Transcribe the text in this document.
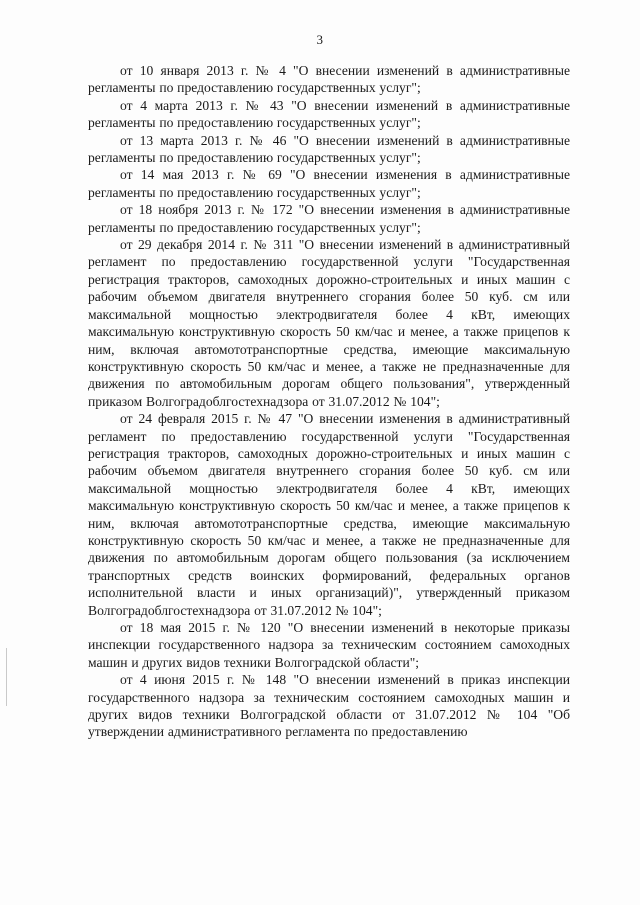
3

от 10 января 2013 г. № 4 "О внесении изменений в административные регламенты по предоставлению государственных услуг";

от 4 марта 2013 г. № 43 "О внесении изменений в административные регламенты по предоставлению государственных услуг";

от 13 марта 2013 г. № 46 "О внесении изменений в административные регламенты по предоставлению государственных услуг";

от 14 мая 2013 г. № 69 "О внесении изменения в административные регламенты по предоставлению государственных услуг";

от 18 ноября 2013 г. № 172 "О внесении изменения в административные регламенты по предоставлению государственных услуг";

от 29 декабря 2014 г. № 311 "О внесении изменений в административный регламент по предоставлению государственной услуги "Государственная регистрация тракторов, самоходных дорожно-строительных и иных машин с рабочим объемом двигателя внутреннего сгорания более 50 куб. см или максимальной мощностью электродвигателя более 4 кВт, имеющих максимальную конструктивную скорость 50 км/час и менее, а также прицепов к ним, включая автомототранспортные средства, имеющие максимальную конструктивную скорость 50 км/час и менее, а также не предназначенные для движения по автомобильным дорогам общего пользования", утвержденный приказом Волгоградоблгостехнадзора от 31.07.2012 № 104";

от 24 февраля 2015 г. № 47 "О внесении изменения в административный регламент по предоставлению государственной услуги "Государственная регистрация тракторов, самоходных дорожно-строительных и иных машин с рабочим объемом двигателя внутреннего сгорания более 50 куб. см или максимальной мощностью электродвигателя более 4 кВт, имеющих максимальную конструктивную скорость 50 км/час и менее, а также прицепов к ним, включая автомототранспортные средства, имеющие максимальную конструктивную скорость 50 км/час и менее, а также не предназначенные для движения по автомобильным дорогам общего пользования (за исключением транспортных средств воинских формирований, федеральных органов исполнительной власти и иных организаций)", утвержденный приказом Волгоградоблгостехнадзора от 31.07.2012 № 104";

от 18 мая 2015 г. № 120 "О внесении изменений в некоторые приказы инспекции государственного надзора за техническим состоянием самоходных машин и других видов техники Волгоградской области";

от 4 июня 2015 г. № 148 "О внесении изменений в приказ инспекции государственного надзора за техническим состоянием самоходных машин и других видов техники Волгоградской области от 31.07.2012 № 104 "Об утверждении административного регламента по предоставлению
